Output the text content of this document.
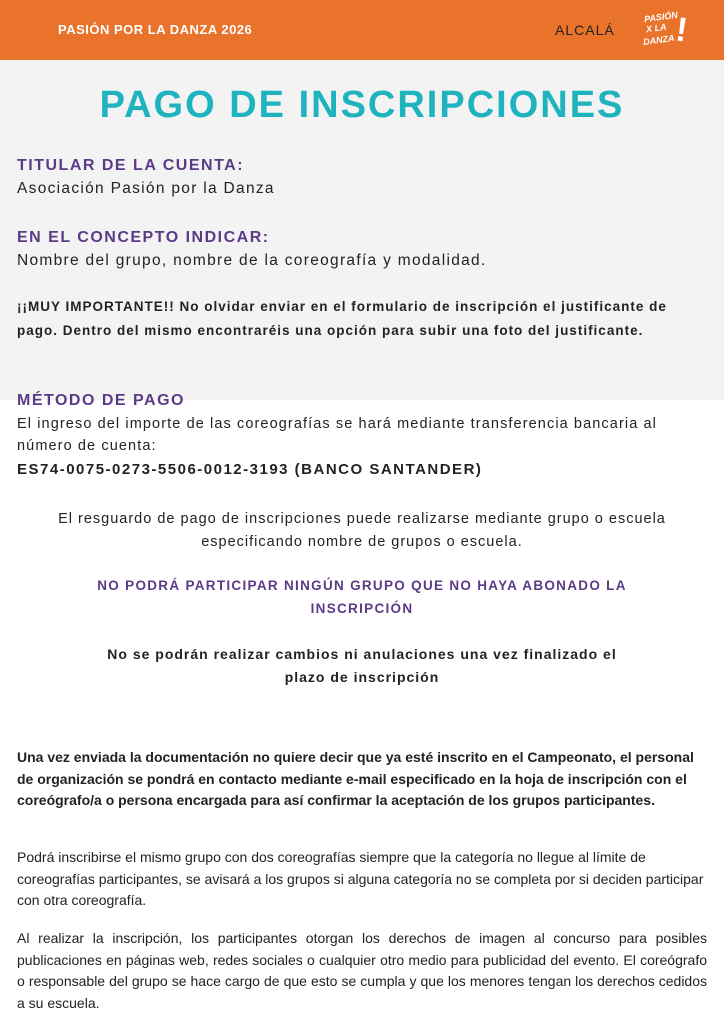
PASIÓN POR LA DANZA 2026	ALCALÁ
PASIÓN
X LA
DANZA
!
PAGO DE INSCRIPCIONES
TITULAR DE LA CUENTA:
Asociación Pasión por la Danza
EN EL CONCEPTO INDICAR:
Nombre del grupo, nombre de la coreografía y modalidad.
¡¡MUY IMPORTANTE!! No olvidar enviar en el formulario de inscripción el justificante de pago. Dentro del mismo encontraréis una opción para subir una foto del justificante.
MÉTODO DE PAGO
El ingreso del importe de las coreografías se hará mediante transferencia bancaria al número de cuenta:
ES74-0075-0273-5506-0012-3193 (BANCO SANTANDER)
El resguardo de pago de inscripciones puede realizarse mediante grupo o escuela especificando nombre de grupos o escuela.
NO PODRÁ PARTICIPAR NINGÚN GRUPO QUE NO HAYA ABONADO LA INSCRIPCIÓN
No se podrán realizar cambios ni anulaciones una vez finalizado el plazo de inscripción
Una vez enviada la documentación no quiere decir que ya esté inscrito en el Campeonato, el personal de organización se pondrá en contacto mediante e-mail especificado en la hoja de inscripción con el coreógrafo/a o persona encargada para así confirmar la aceptación de los grupos participantes.
Podrá inscribirse el mismo grupo con dos coreografías siempre que la categoría no llegue al límite de coreografías participantes, se avisará a los grupos si alguna categoría no se completa por si deciden participar con otra coreografía.
Al realizar la inscripción, los participantes otorgan los derechos de imagen al concurso para posibles publicaciones en páginas web, redes sociales o cualquier otro medio para publicidad del evento. El coreógrafo o responsable del grupo se hace cargo de que esto se cumpla y que los menores tengan los derechos cedidos a su escuela.
